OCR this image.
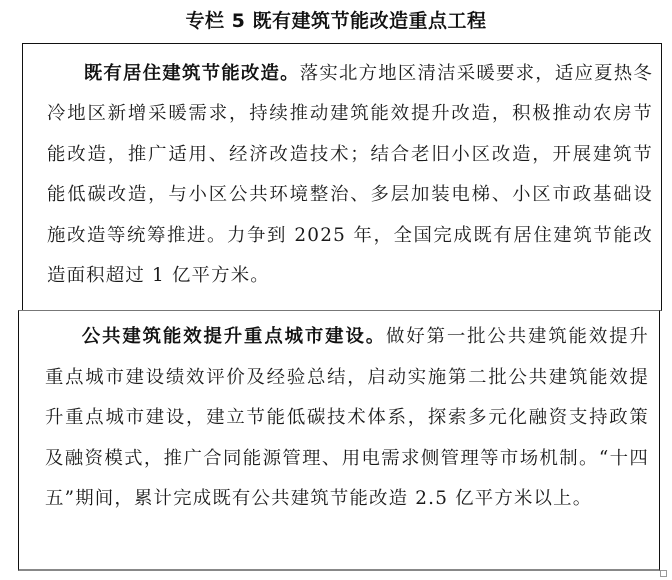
专栏 5 既有建筑节能改造重点工程
既有居住建筑节能改造。落实北方地区清洁采暖要求，适应夏热冬冷地区新增采暖需求，持续推动建筑能效提升改造，积极推动农房节能改造，推广适用、经济改造技术；结合老旧小区改造，开展建筑节能低碳改造，与小区公共环境整治、多层加装电梯、小区市政基础设施改造等统筹推进。力争到 2025 年，全国完成既有居住建筑节能改造面积超过 1 亿平方米。
公共建筑能效提升重点城市建设。做好第一批公共建筑能效提升重点城市建设绩效评价及经验总结，启动实施第二批公共建筑能效提升重点城市建设，建立节能低碳技术体系，探索多元化融资支持政策及融资模式，推广合同能源管理、用电需求侧管理等市场机制。“十四五”期间，累计完成既有公共建筑节能改造 2.5 亿平方米以上。
